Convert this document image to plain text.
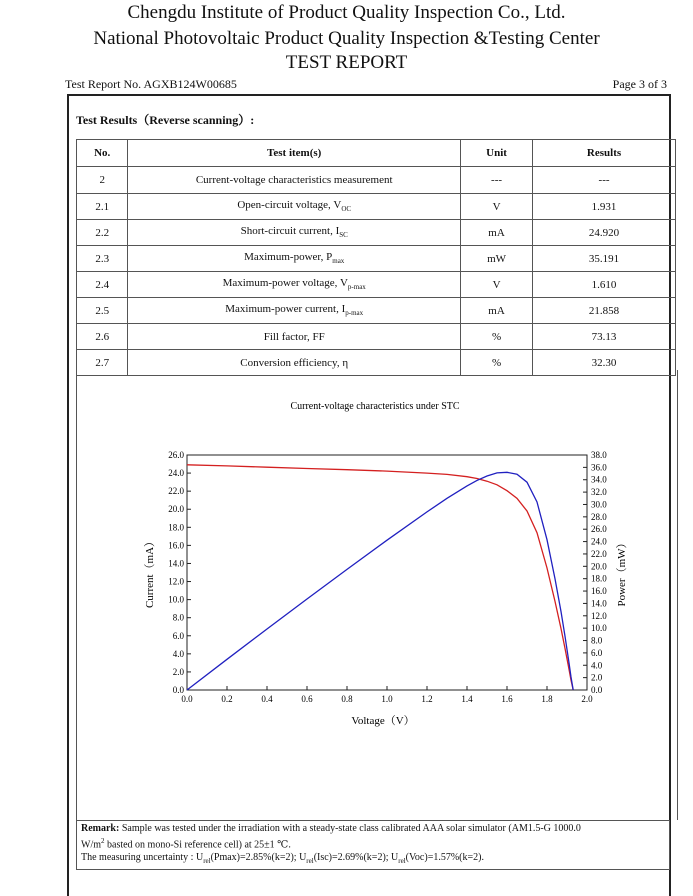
Chengdu Institute of Product Quality Inspection Co., Ltd.
National Photovoltaic Product Quality Inspection &Testing Center
TEST REPORT
Test Report No. AGXB124W00685	Page 3 of 3
Test Results（Reverse scanning）:
No.	Test item(s)	Unit	Results
2	Current-voltage characteristics measurement	---	---
2.1	Open-circuit voltage, $V_{OC}$	V	1.931
2.2	Short-circuit current, $I_{SC}$	mA	24.920
2.3	Maximum-power, $P_{max}$	mW	35.191
2.4	Maximum-power voltage, $V_{p-max}$	V	1.610
2.5	Maximum-power current, $I_{p-max}$	mA	21.858
2.6	Fill factor, FF	%	73.13
2.7	Conversion efficiency, η	%	32.30
Current-voltage characteristics under STC
0.0	0.2	0.4	0.6	0.8	1.0	1.2	1.4	1.6	1.8	2.0
0.0
2.0
4.0
6.0
8.0
10.0
12.0
14.0
16.0
18.0
20.0
22.0
24.0
26.0
0.0
2.0
4.0
6.0
8.0
10.0
12.0
14.0
16.0
18.0
20.0
22.0
24.0
26.0
28.0
30.0
32.0
34.0
36.0
38.0
Voltage（V）
Current（mA）	Power（mW）
Remark: Sample was tested under the irradiation with a steady-state class calibrated AAA solar simulator (AM1.5-G 1000.0
$W/m^2$ basted on mono-Si reference cell) at 25±1 ℃.
The measuring uncertainty : $U_{rel}(Pmax)=2.85\%(k=2)$; $U_{rel}(Isc)=2.69\%(k=2)$; $U_{rel}(Voc)=1.57\%(k=2)$.
